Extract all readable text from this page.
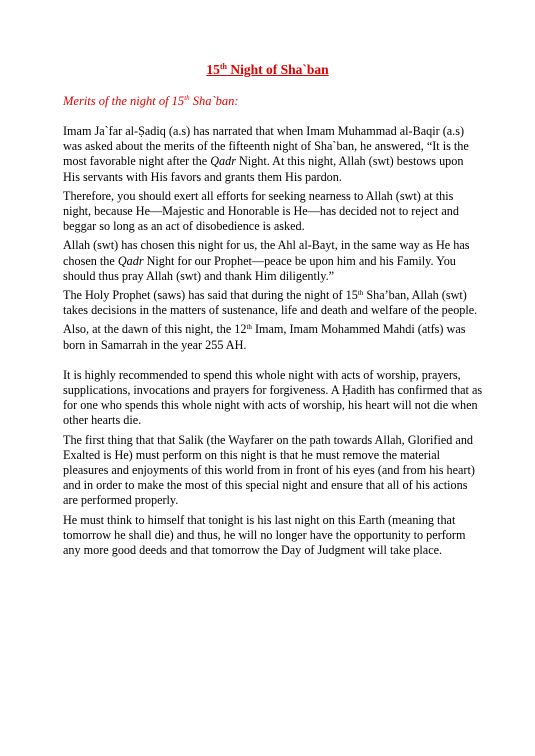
15th Night of Sha`ban
Merits of the night of 15th Sha`ban:

Imam Ja`far al-Ṣadiq (a.s) has narrated that when Imam Muhammad al-Baqir (a.s) was asked about the merits of the fifteenth night of Sha`ban, he answered, “It is the most favorable night after the Qadr Night. At this night, Allah (swt) bestows upon His servants with His favors and grants them His pardon.

Therefore, you should exert all efforts for seeking nearness to Allah (swt) at this night, because He—Majestic and Honorable is He—has decided not to reject and beggar so long as an act of disobedience is asked.

Allah (swt) has chosen this night for us, the Ahl al-Bayt, in the same way as He has chosen the Qadr Night for our Prophet—peace be upon him and his Family. You should thus pray Allah (swt) and thank Him diligently.”

The Holy Prophet (saws) has said that during the night of 15th Sha’ban, Allah (swt) takes decisions in the matters of sustenance, life and death and welfare of the people.

Also, at the dawn of this night, the 12th Imam, Imam Mohammed Mahdi (atfs) was born in Samarrah in the year 255 AH.

It is highly recommended to spend this whole night with acts of worship, prayers, supplications, invocations and prayers for forgiveness. A Ḥadith has confirmed that as for one who spends this whole night with acts of worship, his heart will not die when other hearts die.

The first thing that that Salik (the Wayfarer on the path towards Allah, Glorified and Exalted is He) must perform on this night is that he must remove the material pleasures and enjoyments of this world from in front of his eyes (and from his heart) and in order to make the most of this special night and ensure that all of his actions are performed properly.

He must think to himself that tonight is his last night on this Earth (meaning that tomorrow he shall die) and thus, he will no longer have the opportunity to perform any more good deeds and that tomorrow the Day of Judgment will take place.
